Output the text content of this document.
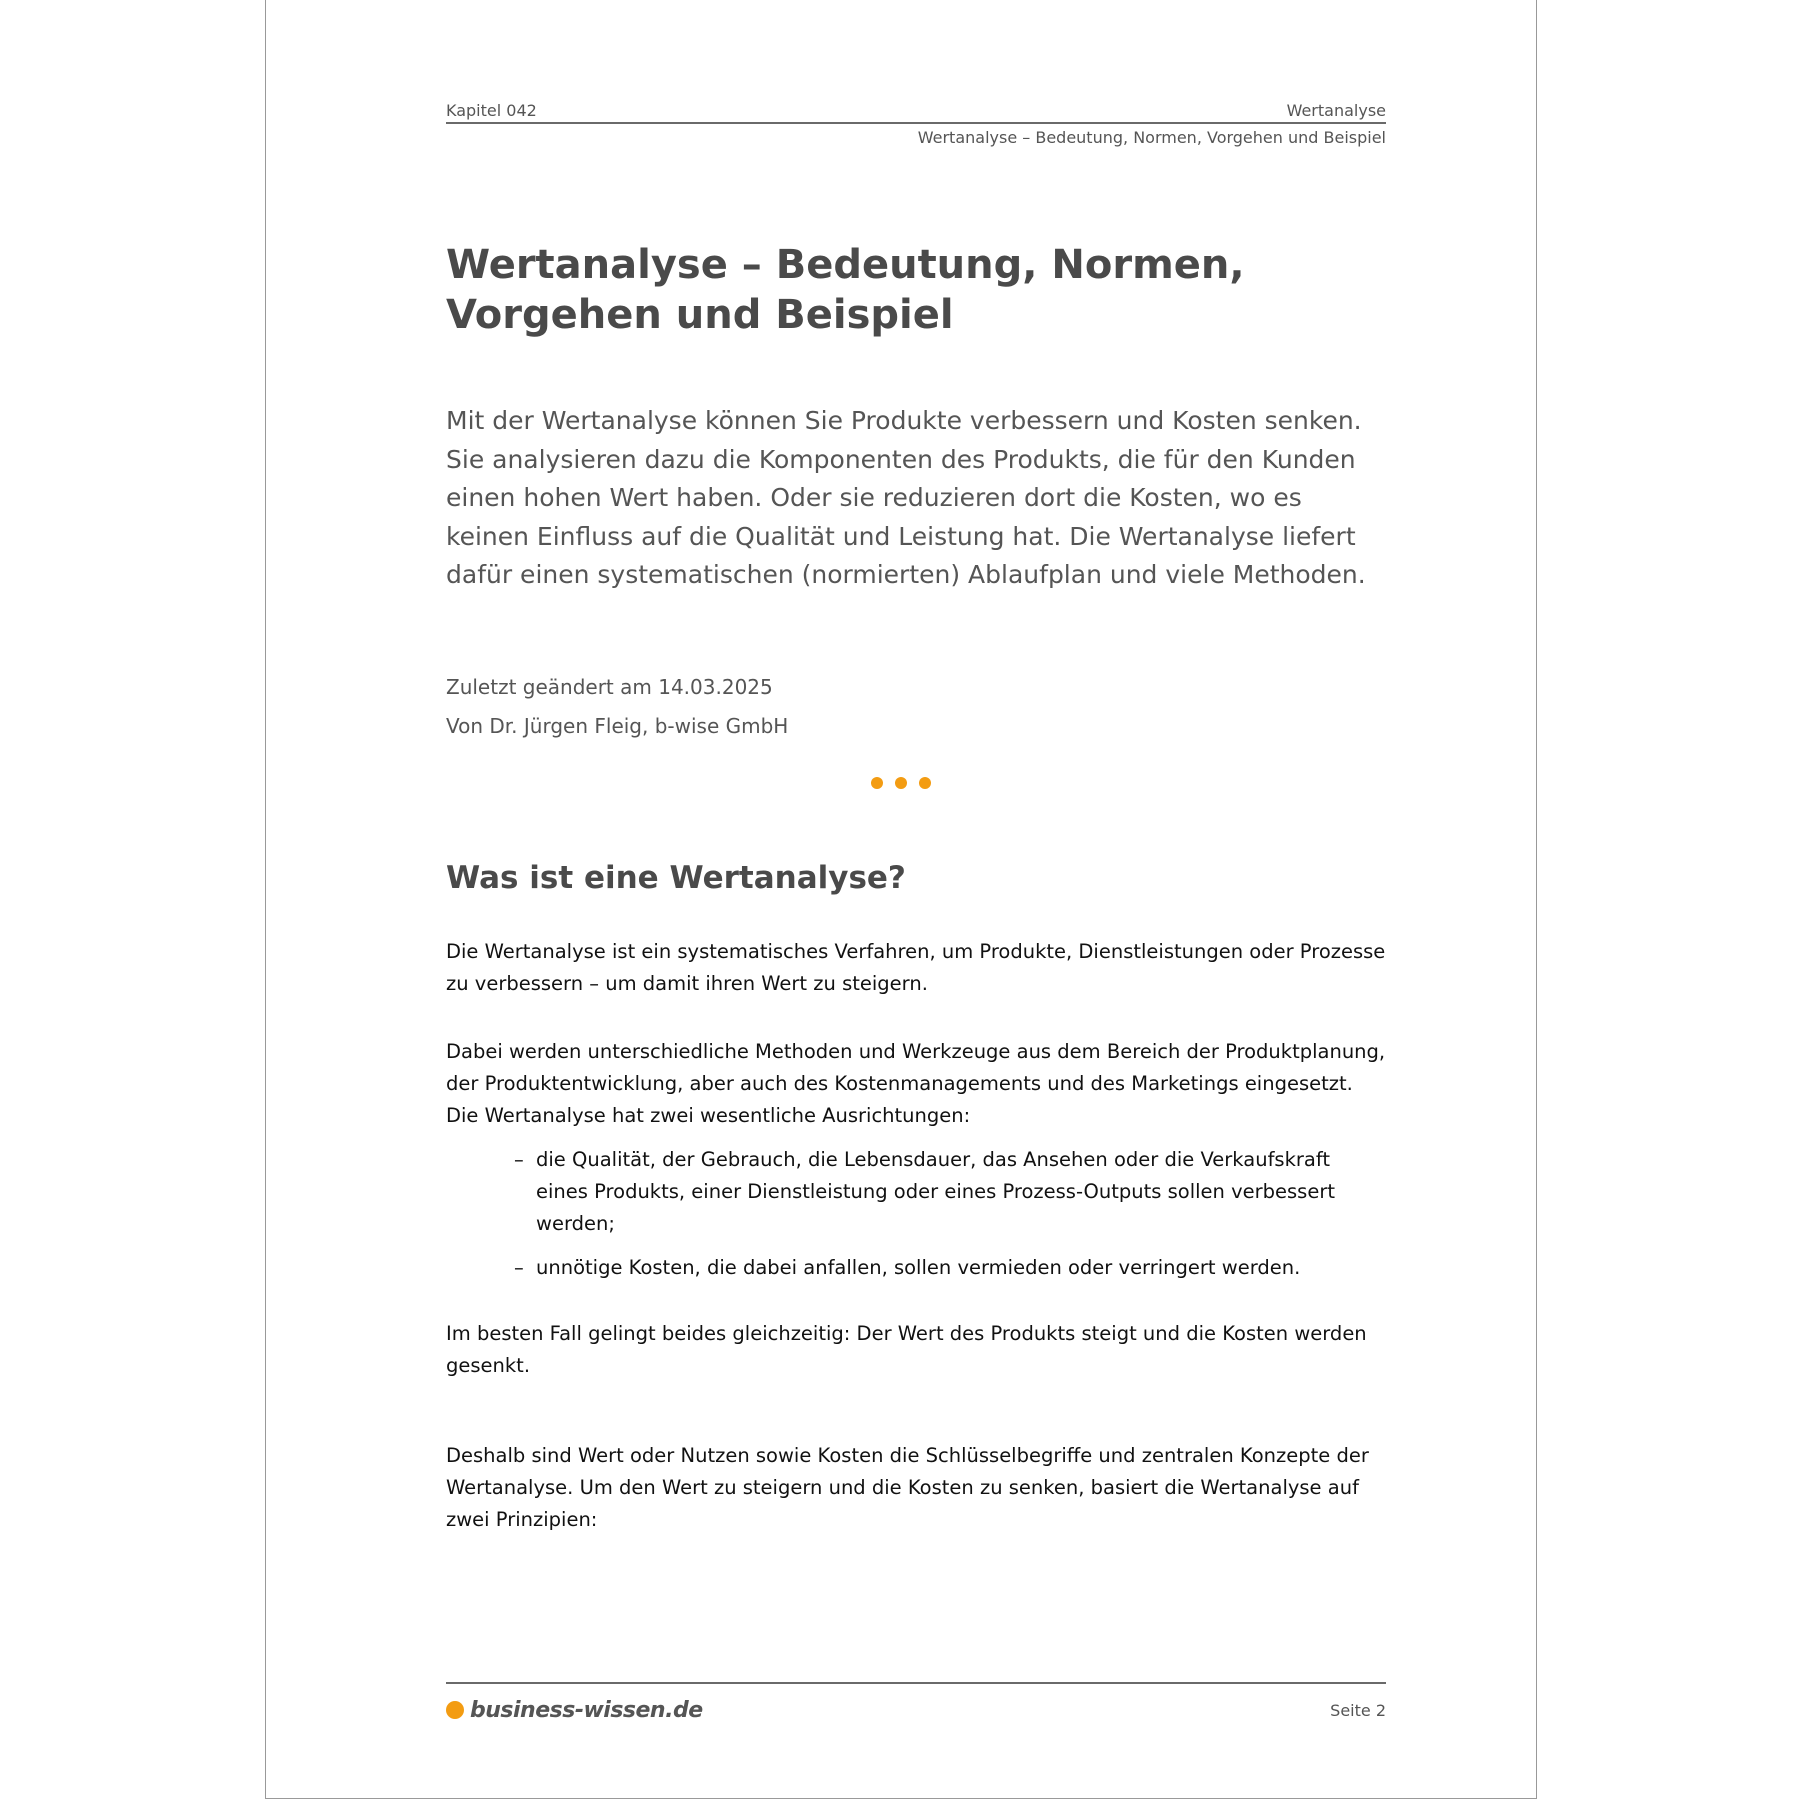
Kapitel 042	Wertanalyse
Wertanalyse – Bedeutung, Normen, Vorgehen und Beispiel
Wertanalyse – Bedeutung, Normen,
Vorgehen und Beispiel

Mit der Wertanalyse können Sie Produkte verbessern und Kosten senken. Sie analysieren dazu die Komponenten des Produkts, die für den Kunden einen hohen Wert haben. Oder sie reduzieren dort die Kosten, wo es keinen Einfluss auf die Qualität und Leistung hat. Die Wertanalyse liefert dafür einen systematischen (normierten) Ablaufplan und viele Methoden.

Zuletzt geändert am 14.03.2025
Von Dr. Jürgen Fleig, b-wise GmbH
Was ist eine Wertanalyse?

Die Wertanalyse ist ein systematisches Verfahren, um Produkte, Dienstleistungen oder Prozesse zu verbessern – um damit ihren Wert zu steigern.

Dabei werden unterschiedliche Methoden und Werkzeuge aus dem Bereich der Produktplanung, der Produktentwicklung, aber auch des Kostenmanagements und des Marketings eingesetzt. Die Wertanalyse hat zwei wesentliche Ausrichtungen:

– die Qualität, der Gebrauch, die Lebensdauer, das Ansehen oder die Verkaufskraft eines Produkts, einer Dienstleistung oder eines Prozess-Outputs sollen verbessert werden;
– unnötige Kosten, die dabei anfallen, sollen vermieden oder verringert werden.

Im besten Fall gelingt beides gleichzeitig: Der Wert des Produkts steigt und die Kosten werden gesenkt.

Deshalb sind Wert oder Nutzen sowie Kosten die Schlüsselbegriffe und zentralen Konzepte der Wertanalyse. Um den Wert zu steigern und die Kosten zu senken, basiert die Wertanalyse auf zwei Prinzipien:

business-wissen.de	Seite 2
